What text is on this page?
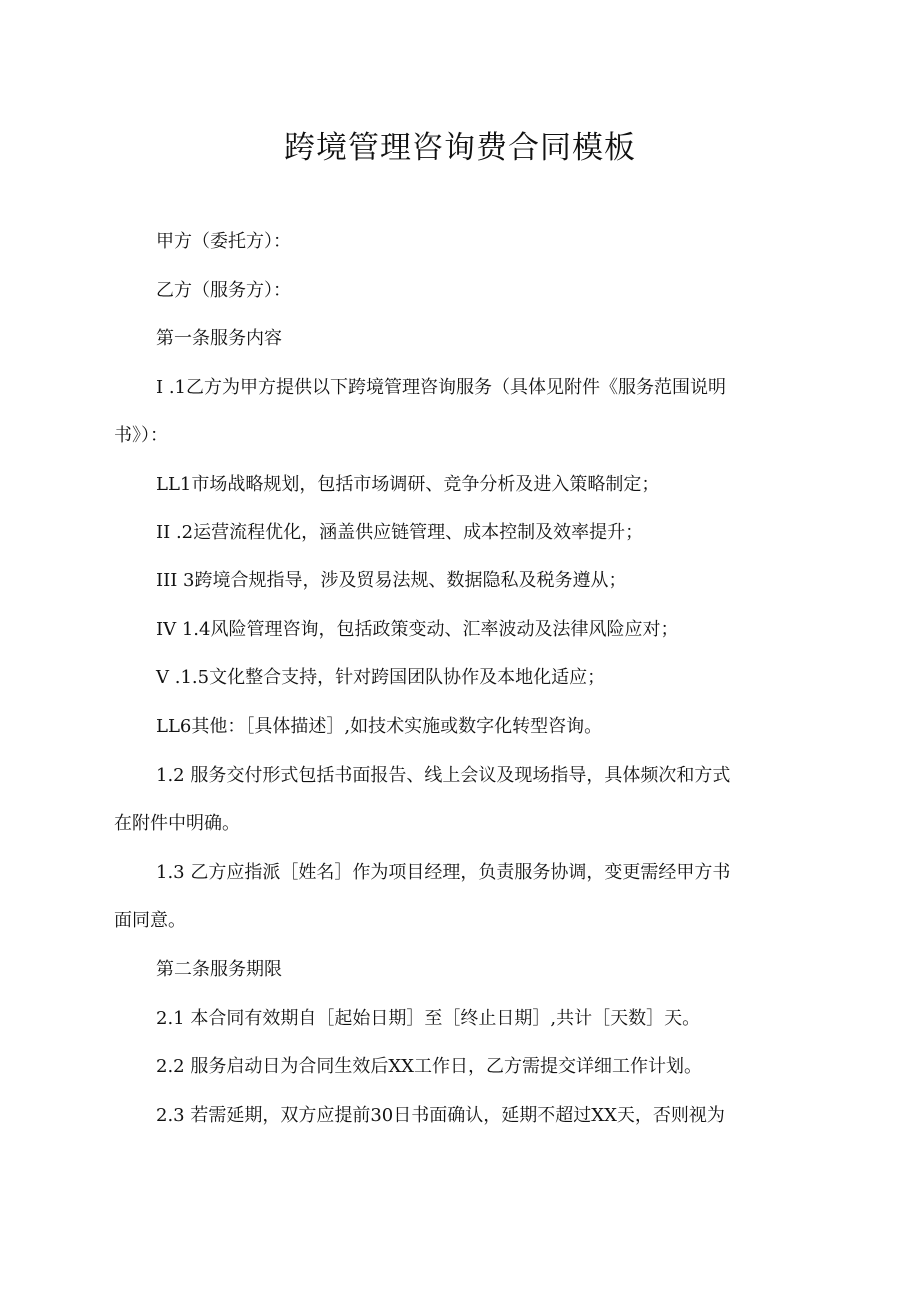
跨境管理咨询费合同模板
甲方（委托方）：
乙方（服务方）：
第一条服务内容
I .1乙方为甲方提供以下跨境管理咨询服务（具体见附件《服务范围说明
书》）：
LL1市场战略规划，包括市场调研、竞争分析及进入策略制定；
II .2运营流程优化，涵盖供应链管理、成本控制及效率提升；
III 3跨境合规指导，涉及贸易法规、数据隐私及税务遵从；
IV 1.4风险管理咨询，包括政策变动、汇率波动及法律风险应对；
V .1.5文化整合支持，针对跨国团队协作及本地化适应；
LL6其他：［具体描述］,如技术实施或数字化转型咨询。
1.2 服务交付形式包括书面报告、线上会议及现场指导，具体频次和方式
在附件中明确。
1.3 乙方应指派［姓名］作为项目经理，负责服务协调，变更需经甲方书
面同意。
第二条服务期限
2.1 本合同有效期自［起始日期］至［终止日期］,共计［天数］天。
2.2 服务启动日为合同生效后XX工作日，乙方需提交详细工作计划。
2.3 若需延期，双方应提前30日书面确认，延期不超过XX天，否则视为
